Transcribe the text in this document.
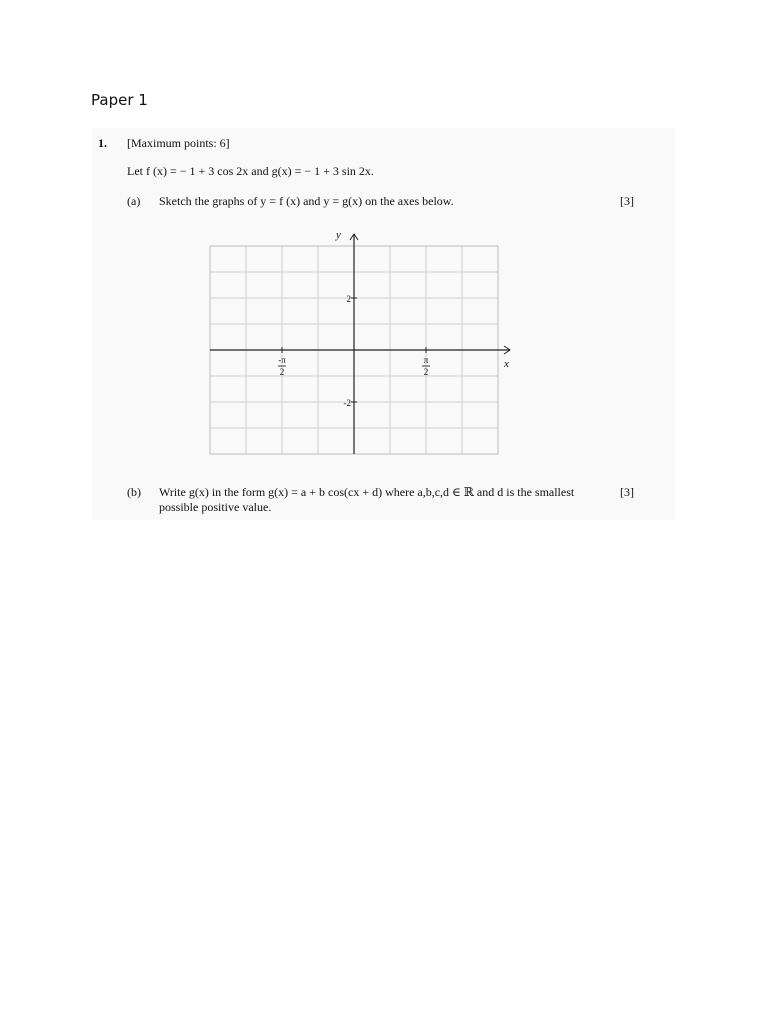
Paper 1
1. [Maximum points: 6]
Let f (x) = − 1 + 3 cos 2x and g(x) = − 1 + 3 sin 2x.
(a) Sketch the graphs of y = f (x) and y = g(x) on the axes below.	[3]
x
y
2
-2
-π
2
π
2
(b) Write g(x) in the form g(x) = a + b cos(cx + d) where a,b,c,d ∈ ℝ and d is the smallest possible positive value.
[3]
